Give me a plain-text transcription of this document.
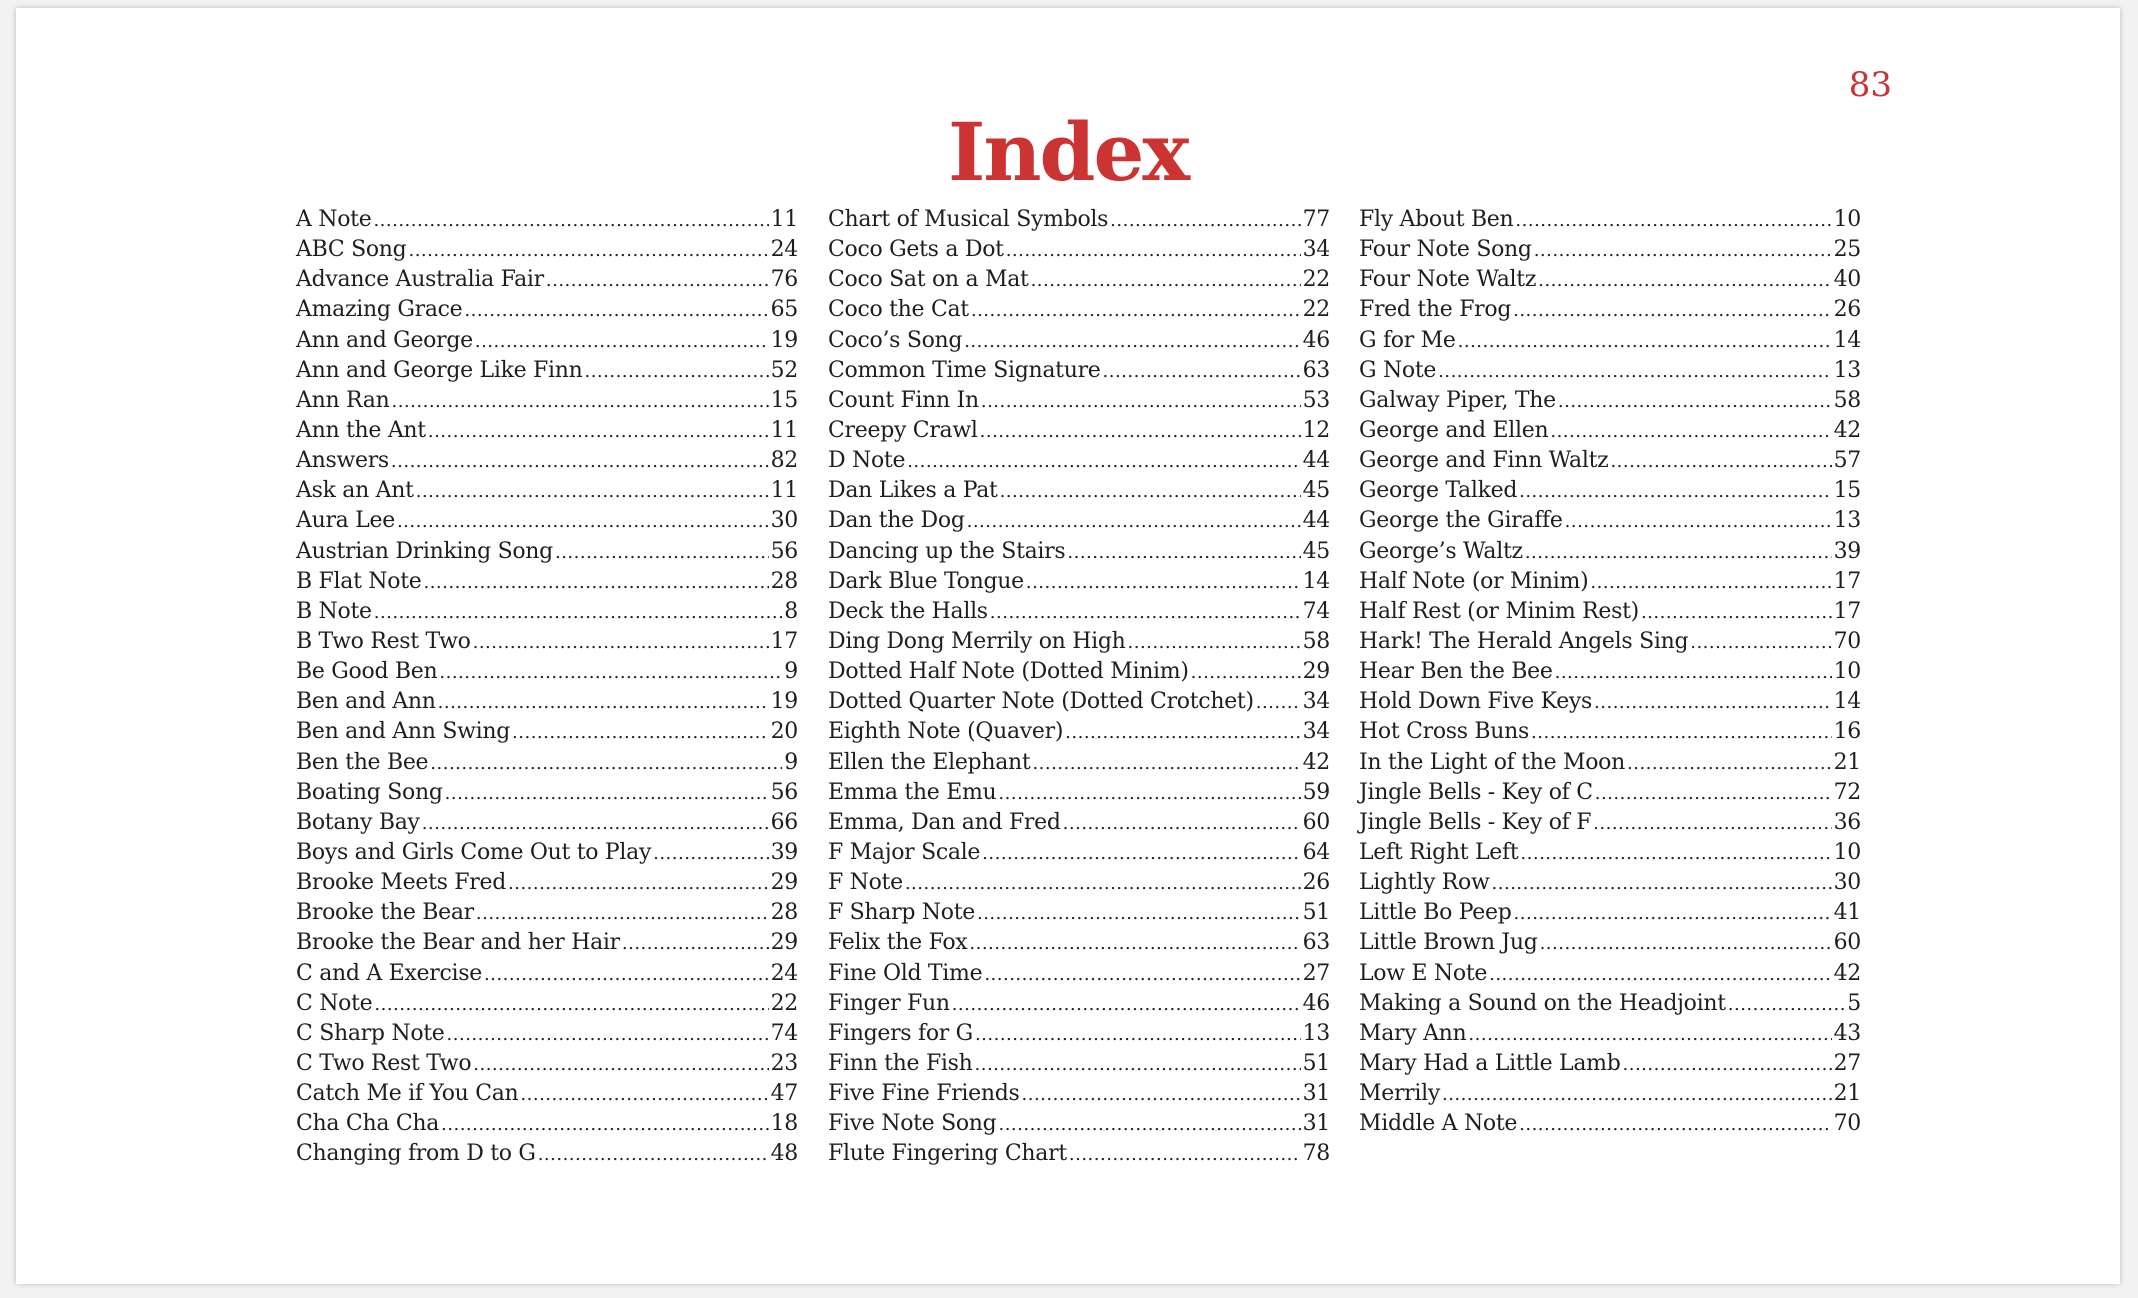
83
Index
A Note .....	11
ABC Song .....	24
Advance Australia Fair .....	76
Amazing Grace .....	65
Ann and George .....	19
Ann and George Like Finn .....	52
Ann Ran .....	15
Ann the Ant .....	11
Answers .....	82
Ask an Ant .....	11
Aura Lee .....	30
Austrian Drinking Song .....	56
B Flat Note .....	28
B Note .....	8
B Two Rest Two .....	17
Be Good Ben .....	9
Ben and Ann .....	19
Ben and Ann Swing .....	20
Ben the Bee .....	9
Boating Song .....	56
Botany Bay .....	66
Boys and Girls Come Out to Play .....	39
Brooke Meets Fred .....	29
Brooke the Bear .....	28
Brooke the Bear and her Hair .....	29
C and A Exercise .....	24
C Note .....	22
C Sharp Note .....	74
C Two Rest Two .....	23
Catch Me if You Can .....	47
Cha Cha Cha .....	18
Changing from D to G .....	48
Chart of Musical Symbols .....	77
Coco Gets a Dot .....	34
Coco Sat on a Mat .....	22
Coco the Cat .....	22
Coco’s Song .....	46
Common Time Signature .....	63
Count Finn In .....	53
Creepy Crawl .....	12
D Note .....	44
Dan Likes a Pat .....	45
Dan the Dog .....	44
Dancing up the Stairs .....	45
Dark Blue Tongue .....	14
Deck the Halls .....	74
Ding Dong Merrily on High .....	58
Dotted Half Note (Dotted Minim) .....	29
Dotted Quarter Note (Dotted Crotchet) ..... 34
Eighth Note (Quaver) .....	34
Ellen the Elephant .....	42
Emma the Emu .....	59
Emma, Dan and Fred .....	60
F Major Scale .....	64
F Note .....	26
F Sharp Note .....	51
Felix the Fox .....	63
Fine Old Time .....	27
Finger Fun .....	46
Fingers for G .....	13
Finn the Fish .....	51
Five Fine Friends .....	31
Five Note Song .....	31
Flute Fingering Chart .....	78
Fly About Ben .....	10
Four Note Song .....	25
Four Note Waltz .....	40
Fred the Frog .....	26
G for Me .....	14
G Note .....	13
Galway Piper, The .....	58
George and Ellen .....	42
George and Finn Waltz .....	57
George Talked .....	15
George the Giraffe .....	13
George’s Waltz .....	39
Half Note (or Minim) .....	17
Half Rest (or Minim Rest) .....	17
Hark! The Herald Angels Sing .....	70
Hear Ben the Bee .....	10
Hold Down Five Keys .....	14
Hot Cross Buns .....	16
In the Light of the Moon .....	21
Jingle Bells - Key of C .....	72
Jingle Bells - Key of F .....	36
Left Right Left .....	10
Lightly Row .....	30
Little Bo Peep .....	41
Little Brown Jug .....	60
Low E Note .....	42
Making a Sound on the Headjoint .....	5
Mary Ann .....	43
Mary Had a Little Lamb .....	27
Merrily .....	21
Middle A Note .....	70
